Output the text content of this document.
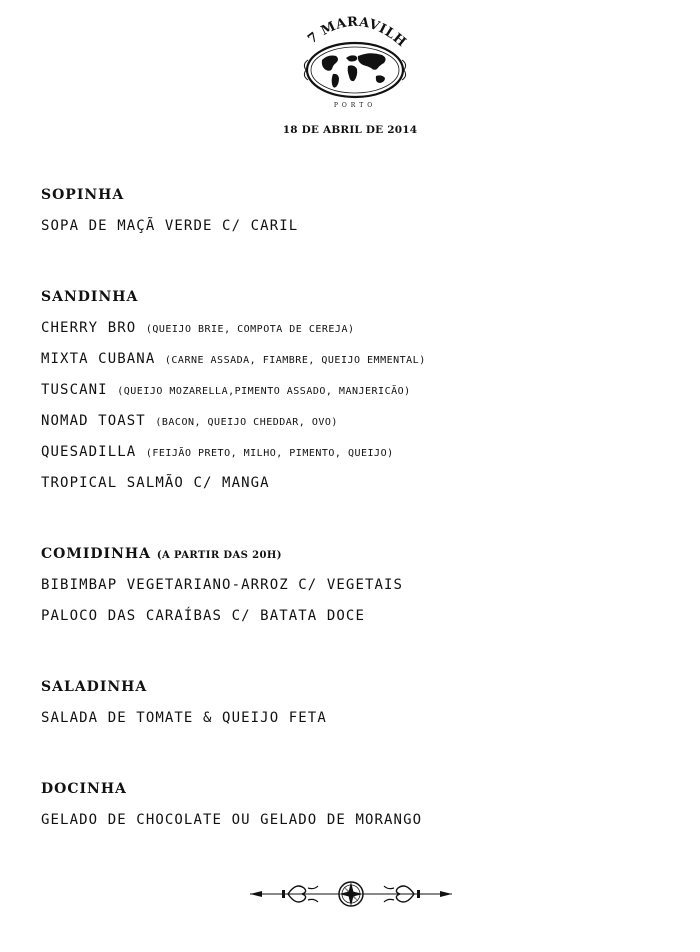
7 MARAVILH
PORTO
18 DE ABRIL DE 2014
SOPINHA
SOPA DE MAÇÃ VERDE C/ CARIL
SANDINHA
CHERRY BRO (QUEIJO BRIE, COMPOTA DE CEREJA)
MIXTA CUBANA (CARNE ASSADA, FIAMBRE, QUEIJO EMMENTAL)
TUSCANI (QUEIJO MOZARELLA,PIMENTO ASSADO, MANJERICÃO)
NOMAD TOAST (BACON, QUEIJO CHEDDAR, OVO)
QUESADILLA (FEIJÃO PRETO, MILHO, PIMENTO, QUEIJO)
TROPICAL SALMÃO C/ MANGA
COMIDINHA (A PARTIR DAS 20H)
BIBIMBAP VEGETARIANO-ARROZ C/ VEGETAIS
PALOCO DAS CARAÍBAS C/ BATATA DOCE
SALADINHA
SALADA DE TOMATE & QUEIJO FETA
DOCINHA
GELADO DE CHOCOLATE OU GELADO DE MORANGO
